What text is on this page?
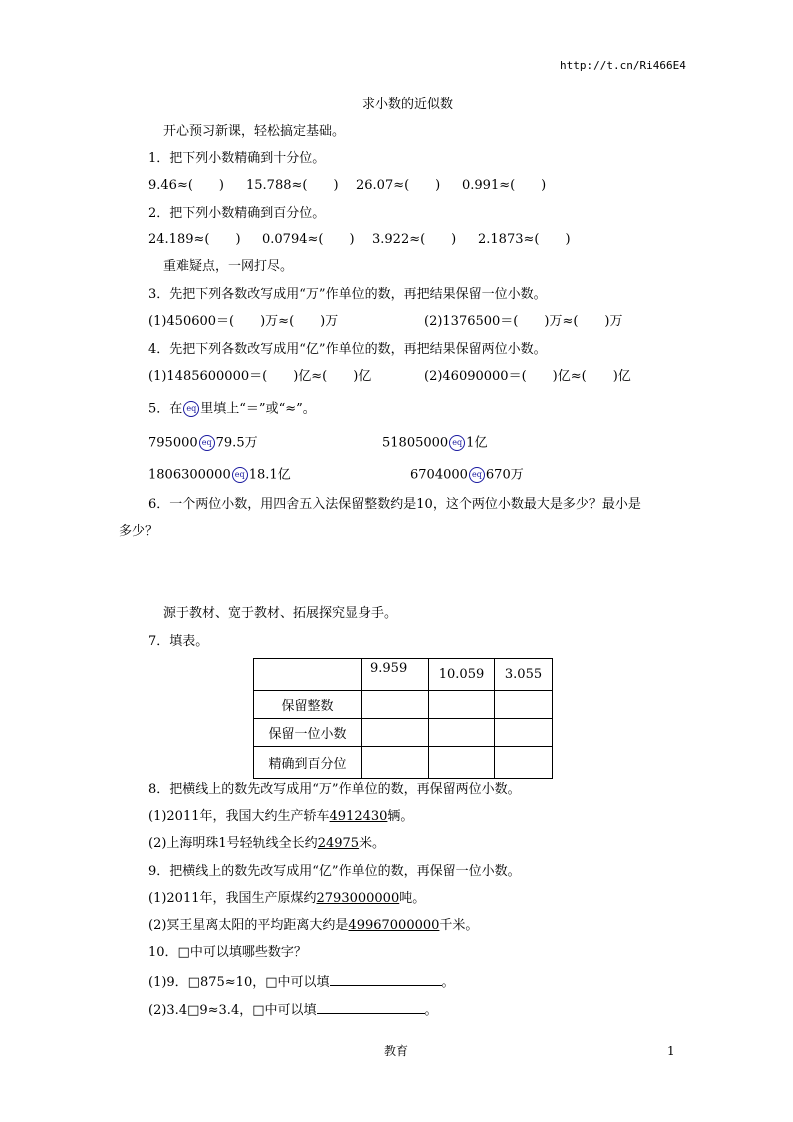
http://t.cn/Ri466E4
求小数的近似数
开心预习新课，轻松搞定基础。
1．把下列小数精确到十分位。
9.46≈(　　) 15.788≈(　　) 26.07≈(　　) 0.991≈(　　)
2．把下列小数精确到百分位。
24.189≈(　　) 0.0794≈(　　) 3.922≈(　　) 2.1873≈(　　)
重难疑点，一网打尽。
3．先把下列各数改写成用“万”作单位的数，再把结果保留一位小数。
(1)450600＝(　　)万≈(　　)万	(2)1376500＝(　　)万≈(　　)万
4．先把下列各数改写成用“亿”作单位的数，再把结果保留两位小数。
(1)1485600000＝(　　)亿≈(　　)亿	(2)46090000＝(　　)亿≈(　　)亿
5．在 eq 里填上“＝”或“≈”。
795000 eq 79.5万	51805000 eq 1亿
1806300000 eq 18.1亿	6704000 eq 670万
6．一个两位小数，用四舍五入法保留整数约是10，这个两位小数最大是多少？最小是
多少？
源于教材、宽于教材、拓展探究显身手。
7．填表。
	9.959	10.059	3.055
保留整数			
保留一位小数			
精确到百分位			
8．把横线上的数先改写成用“万”作单位的数，再保留两位小数。
(1)2011年，我国大约生产轿车4912430辆。
(2)上海明珠1号轻轨线全长约24975米。
9．把横线上的数先改写成用“亿”作单位的数，再保留一位小数。
(1)2011年，我国生产原煤约2793000000吨。
(2)冥王星离太阳的平均距离大约是49967000000千米。
10．□中可以填哪些数字？
(1)9．□875≈10，□中可以填	。
(2)3.4□9≈3.4，□中可以填	。
教育	1
